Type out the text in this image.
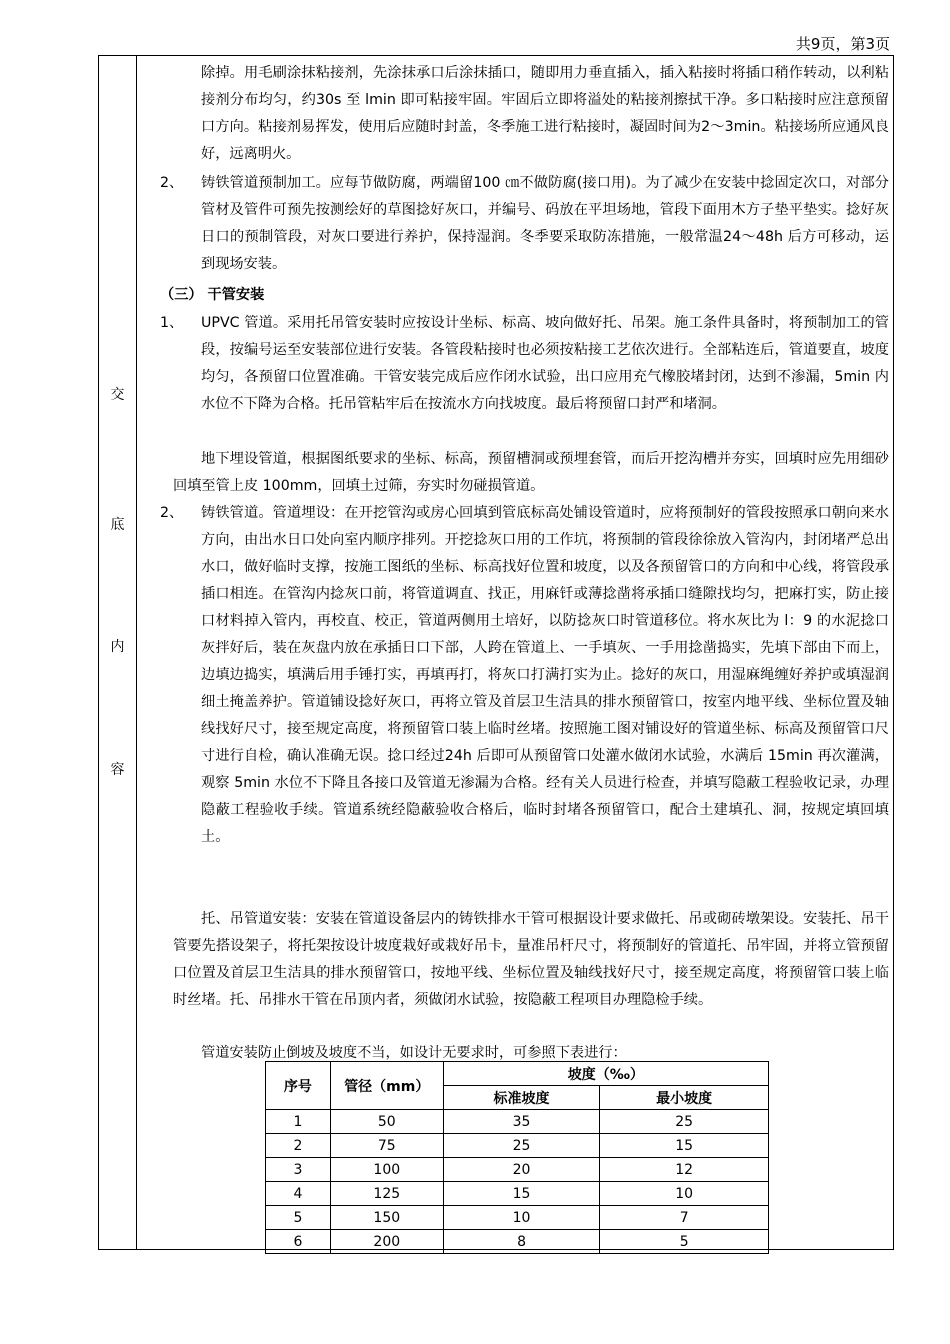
共9页，第3页
交
底
内
容
除掉。用毛刷涂抹粘接剂，先涂抹承口后涂抹插口，随即用力垂直插入，插入粘接时将插口稍作转动，以利粘接剂分布均匀，约30s 至 lmin 即可粘接牢固。牢固后立即将溢处的粘接剂擦拭干净。多口粘接时应注意预留口方向。粘接剂易挥发，使用后应随时封盖，冬季施工进行粘接时，凝固时间为2～3min。粘接场所应通风良好，远离明火。
2、 铸铁管道预制加工。应每节做防腐，两端留100 ㎝不做防腐(接口用)。为了减少在安装中捻固定次口，对部分管材及管件可预先按测绘好的草图捻好灰口，并编号、码放在平坦场地，管段下面用木方子垫平垫实。捻好灰日口的预制管段，对灰口要进行养护，保持湿润。冬季要采取防冻措施，一般常温24～48h 后方可移动，运到现场安装。
（三） 干管安装
1、 UPVC 管道。采用托吊管安装时应按设计坐标、标高、坡向做好托、吊架。施工条件具备时，将预制加工的管段，按编号运至安装部位进行安装。各管段粘接时也必须按粘接工艺依次进行。全部粘连后，管道要直，坡度均匀，各预留口位置准确。干管安装完成后应作闭水试验，出口应用充气橡胶堵封闭，达到不渗漏，5min 内水位不下降为合格。托吊管粘牢后在按流水方向找坡度。最后将预留口封严和堵洞。
地下埋设管道，根据图纸要求的坐标、标高，预留槽洞或预埋套管，而后开挖沟槽并夯实，回填时应先用细砂回填至管上皮 100mm，回填土过筛，夯实时勿碰损管道。
2、 铸铁管道。管道埋设：在开挖管沟或房心回填到管底标高处铺设管道时，应将预制好的管段按照承口朝向来水方向，由出水日口处向室内顺序排列。开挖捻灰口用的工作坑，将预制的管段徐徐放入管沟内，封闭堵严总出水口，做好临时支撑，按施工图纸的坐标、标高找好位置和坡度，以及各预留管口的方向和中心线，将管段承插口相连。在管沟内捻灰口前，将管道调直、找正，用麻钎或薄捻凿将承插口缝隙找均匀，把麻打实，防止接口材料掉入管内，再校直、校正，管道两侧用土培好，以防捻灰口时管道移位。将水灰比为 l：9 的水泥捻口灰拌好后，装在灰盘内放在承插日口下部，人跨在管道上、一手填灰、一手用捻凿捣实，先填下部由下而上，边填边捣实，填满后用手锤打实，再填再打，将灰口打满打实为止。捻好的灰口，用湿麻绳缠好养护或填湿润细土掩盖养护。管道铺设捻好灰口，再将立管及首层卫生洁具的排水预留管口，按室内地平线、坐标位置及轴线找好尺寸，接至规定高度，将预留管口装上临时丝堵。按照施工图对铺设好的管道坐标、标高及预留管口尺寸进行自检，确认准确无误。捻口经过24h 后即可从预留管口处灌水做闭水试验，水满后 15min 再次灌满，观察 5min 水位不下降且各接口及管道无渗漏为合格。经有关人员进行检查，并填写隐蔽工程验收记录，办理隐蔽工程验收手续。管道系统经隐蔽验收合格后，临时封堵各预留管口，配合土建填孔、洞，按规定填回填土。
托、吊管道安装：安装在管道设备层内的铸铁排水干管可根据设计要求做托、吊或砌砖墩架设。安装托、吊干管要先搭设架子，将托架按设计坡度栽好或栽好吊卡，量准吊杆尺寸，将预制好的管道托、吊牢固，并将立管预留口位置及首层卫生洁具的排水预留管口，按地平线、坐标位置及轴线找好尺寸，接至规定高度，将预留管口装上临时丝堵。托、吊排水干管在吊顶内者，须做闭水试验，按隐蔽工程项目办理隐检手续。
管道安装防止倒坡及坡度不当，如设计无要求时，可参照下表进行：
序号	管径（mm）	坡度（‰）	
		标准坡度	最小坡度
1	50	35	25
2	75	25	15
3	100	20	12
4	125	15	10
5	150	10	7
6	200	8	5
